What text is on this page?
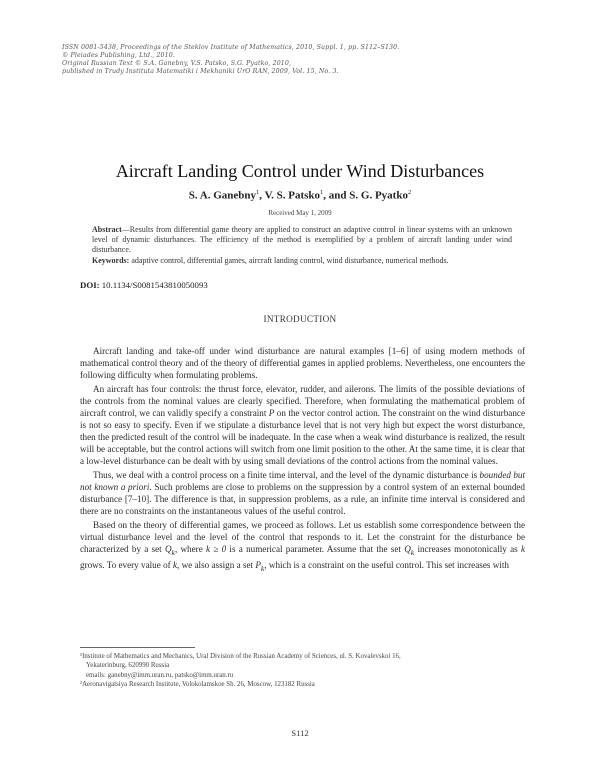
ISSN 0081-5438, Proceedings of the Steklov Institute of Mathematics, 2010, Suppl. 1, pp. S112–S130.
© Pleiades Publishing, Ltd., 2010.
Original Russian Text © S.A. Ganebny, V.S. Patsko, S.G. Pyatko, 2010,
published in Trudy Instituta Matematiki i Mekhaniki UrO RAN, 2009, Vol. 15, No. 3.
Aircraft Landing Control under Wind Disturbances
S. A. Ganebny$^1$, V. S. Patsko$^1$, and S. G. Pyatko$^2$
Received May 1, 2009
Abstract—Results from differential game theory are applied to construct an adaptive control in linear systems with an unknown level of dynamic disturbances. The efficiency of the method is exemplified by a problem of aircraft landing under wind disturbance.
Keywords: adaptive control, differential games, aircraft landing control, wind disturbance, numerical methods.
DOI: 10.1134/S0081543810050093
INTRODUCTION

Aircraft landing and take-off under wind disturbance are natural examples [1–6] of using modern methods of mathematical control theory and of the theory of differential games in applied problems. Nevertheless, one encounters the following difficulty when formulating problems.

An aircraft has four controls: the thrust force, elevator, rudder, and ailerons. The limits of the possible deviations of the controls from the nominal values are clearly specified. Therefore, when formulating the mathematical problem of aircraft control, we can validly specify a constraint P on the vector control action. The constraint on the wind disturbance is not so easy to specify. Even if we stipulate a disturbance level that is not very high but expect the worst disturbance, then the predicted result of the control will be inadequate. In the case when a weak wind disturbance is realized, the result will be acceptable, but the control actions will switch from one limit position to the other. At the same time, it is clear that a low-level disturbance can be dealt with by using small deviations of the control actions from the nominal values.

Thus, we deal with a control process on a finite time interval, and the level of the dynamic disturbance is bounded but not known a priori. Such problems are close to problems on the suppression by a control system of an external bounded disturbance [7–10]. The difference is that, in suppression problems, as a rule, an infinite time interval is considered and there are no constraints on the instantaneous values of the useful control.

Based on the theory of differential games, we proceed as follows. Let us establish some correspondence between the virtual disturbance level and the level of the control that responds to it. Let the constraint for the disturbance be characterized by a set $Q_k$, where k ≥ 0 is a numerical parameter. Assume that the set $Q_k$ increases monotonically as k grows. To every value of k, we also assign a set $P_k$, which is a constraint on the useful control. This set increases with

¹Institute of Mathematics and Mechanics, Ural Division of the Russian Academy of Sciences, ul. S. Kovalevskoi 16,
Yekaterinburg, 620990 Russia
emails: ganebny@imm.uran.ru, patsko@imm.uran.ru
²Aeronavigatsiya Research Institute, Volokolamskoe Sh. 26, Moscow, 123182 Russia
S112
